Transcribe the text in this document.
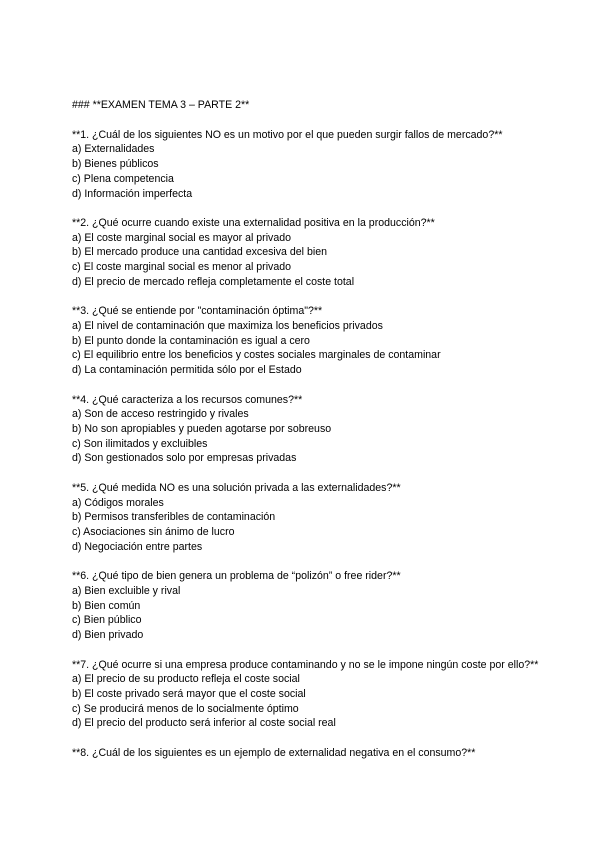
### **EXAMEN TEMA 3 – PARTE 2**
**1. ¿Cuál de los siguientes NO es un motivo por el que pueden surgir fallos de mercado?**
a) Externalidades
b) Bienes públicos
c) Plena competencia
d) Información imperfecta
**2. ¿Qué ocurre cuando existe una externalidad positiva en la producción?**
a) El coste marginal social es mayor al privado
b) El mercado produce una cantidad excesiva del bien
c) El coste marginal social es menor al privado
d) El precio de mercado refleja completamente el coste total
**3. ¿Qué se entiende por "contaminación óptima"?**
a) El nivel de contaminación que maximiza los beneficios privados
b) El punto donde la contaminación es igual a cero
c) El equilibrio entre los beneficios y costes sociales marginales de contaminar
d) La contaminación permitida sólo por el Estado
**4. ¿Qué caracteriza a los recursos comunes?**
a) Son de acceso restringido y rivales
b) No son apropiables y pueden agotarse por sobreuso
c) Son ilimitados y excluibles
d) Son gestionados solo por empresas privadas
**5. ¿Qué medida NO es una solución privada a las externalidades?**
a) Códigos morales
b) Permisos transferibles de contaminación
c) Asociaciones sin ánimo de lucro
d) Negociación entre partes
**6. ¿Qué tipo de bien genera un problema de “polizón” o free rider?**
a) Bien excluible y rival
b) Bien común
c) Bien público
d) Bien privado
**7. ¿Qué ocurre si una empresa produce contaminando y no se le impone ningún coste por ello?**
a) El precio de su producto refleja el coste social
b) El coste privado será mayor que el coste social
c) Se producirá menos de lo socialmente óptimo
d) El precio del producto será inferior al coste social real
**8. ¿Cuál de los siguientes es un ejemplo de externalidad negativa en el consumo?**
